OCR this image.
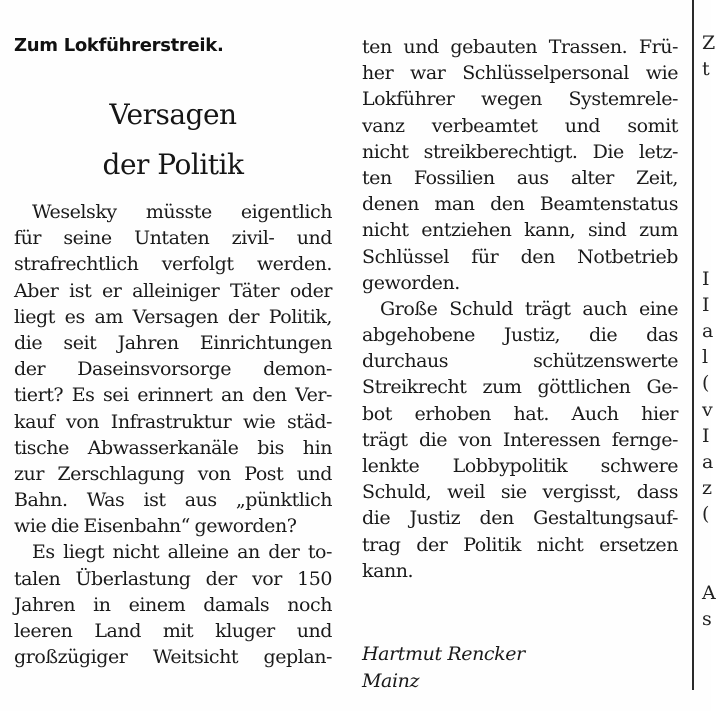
Zum Lokführerstreik.
Versagen
der Politik
Weselsky müsste eigentlich
für seine Untaten zivil- und
strafrechtlich verfolgt werden.
Aber ist er alleiniger Täter oder
liegt es am Versagen der Politik,
die seit Jahren Einrichtungen
der Daseinsvorsorge demon-
tiert? Es sei erinnert an den Ver-
kauf von Infrastruktur wie städ-
tische Abwasserkanäle bis hin
zur Zerschlagung von Post und
Bahn. Was ist aus „pünktlich
wie die Eisenbahn“ geworden?
Es liegt nicht alleine an der to-
talen Überlastung der vor 150
Jahren in einem damals noch
leeren Land mit kluger und
großzügiger Weitsicht geplan-
ten und gebauten Trassen. Frü-
her war Schlüsselpersonal wie
Lokführer wegen Systemrele-
vanz verbeamtet und somit
nicht streikberechtigt. Die letz-
ten Fossilien aus alter Zeit,
denen man den Beamtenstatus
nicht entziehen kann, sind zum
Schlüssel für den Notbetrieb
geworden.
Große Schuld trägt auch eine
abgehobene Justiz, die das
durchaus schützenswerte
Streikrecht zum göttlichen Ge-
bot erhoben hat. Auch hier
trägt die von Interessen fernge-
lenkte Lobbypolitik schwere
Schuld, weil sie vergisst, dass
die Justiz den Gestaltungsauf-
trag der Politik nicht ersetzen
kann.
Hartmut Rencker
Mainz
Z
t
I
I
a
l
(
v
I
a
z
(
A
s
